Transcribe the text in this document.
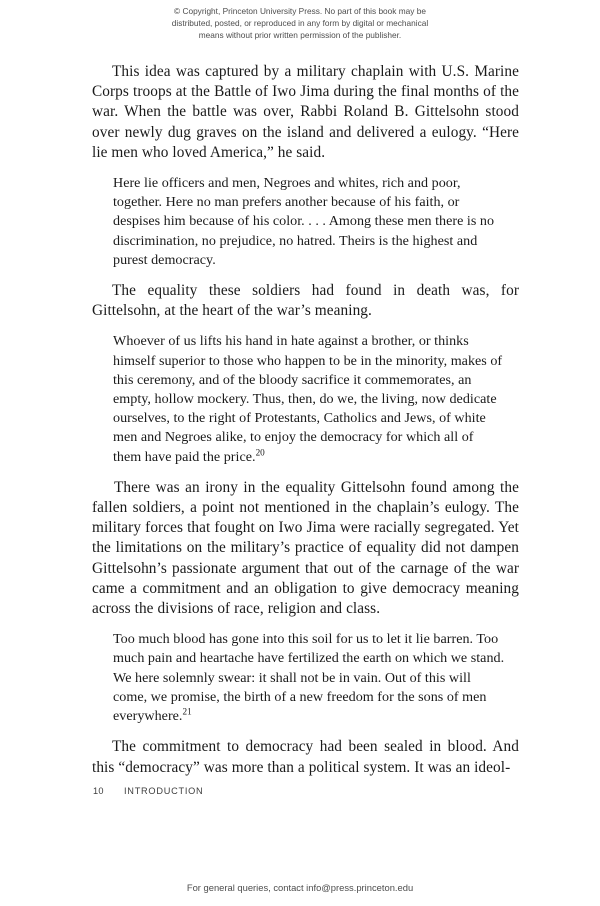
© Copyright, Princeton University Press. No part of this book may be
distributed, posted, or reproduced in any form by digital or mechanical
means without prior written permission of the publisher.

This idea was captured by a military chaplain with U.S. Marine Corps troops at the Battle of Iwo Jima during the final months of the war. When the battle was over, Rabbi Roland B. Gittelsohn stood over newly dug graves on the island and delivered a eulogy. “Here lie men who loved America,” he said.

Here lie officers and men, Negroes and whites, rich and poor, together. Here no man prefers another because of his faith, or despises him because of his color. . . . Among these men there is no discrimination, no prejudice, no hatred. Theirs is the highest and purest democracy.

The equality these soldiers had found in death was, for Gittelsohn, at the heart of the war’s meaning.

Whoever of us lifts his hand in hate against a brother, or thinks himself superior to those who happen to be in the minority, makes of this ceremony, and of the bloody sacrifice it commemorates, an empty, hollow mockery. Thus, then, do we, the living, now dedicate ourselves, to the right of Protestants, Catholics and Jews, of white men and Negroes alike, to enjoy the democracy for which all of them have paid the price.$^{20}$

There was an irony in the equality Gittelsohn found among the fallen soldiers, a point not mentioned in the chaplain’s eulogy. The military forces that fought on Iwo Jima were racially segregated. Yet the limitations on the military’s practice of equality did not dampen Gittelsohn’s passionate argument that out of the carnage of the war came a commitment and an obligation to give democracy meaning across the divisions of race, religion and class.

Too much blood has gone into this soil for us to let it lie barren. Too much pain and heartache have fertilized the earth on which we stand. We here solemnly swear: it shall not be in vain. Out of this will come, we promise, the birth of a new freedom for the sons of men everywhere.$^{21}$

The commitment to democracy had been sealed in blood. And this “democracy” was more than a political system. It was an ideol-

10	INTRODUCTION
For general queries, contact info@press.princeton.edu
